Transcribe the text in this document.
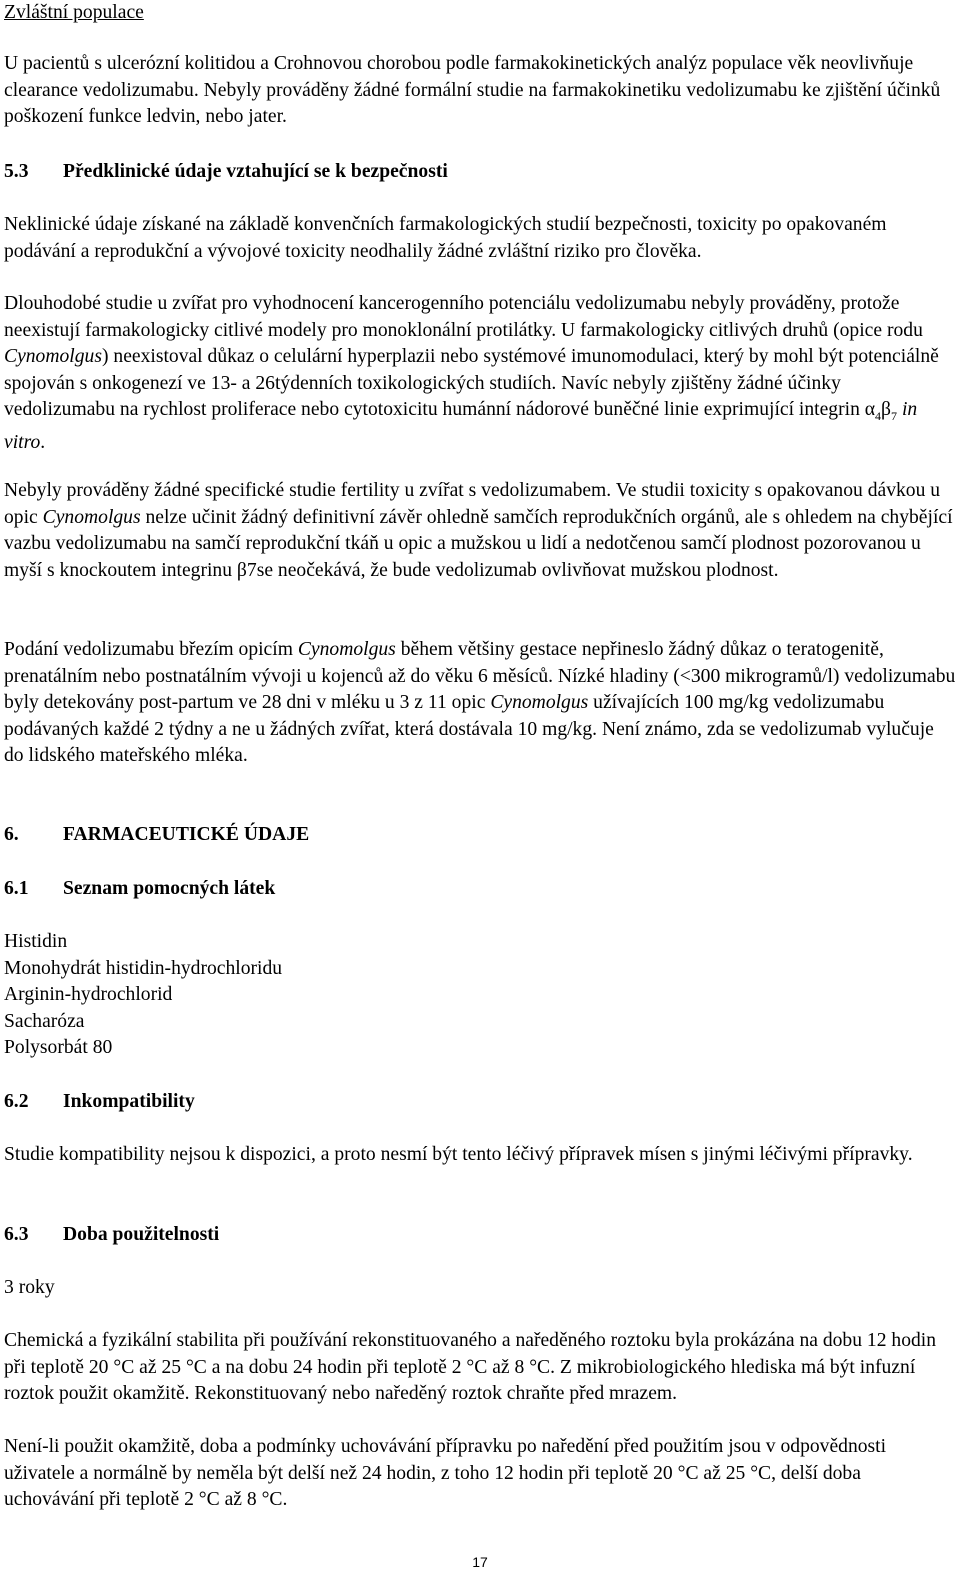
Zvláštní populace

U pacientů s ulcerózní kolitidou a Crohnovou chorobou podle farmakokinetických analýz populace věk neovlivňuje clearance vedolizumabu. Nebyly prováděny žádné formální studie na farmakokinetiku vedolizumabu ke zjištění účinků poškození funkce ledvin, nebo jater.

5.3 Předklinické údaje vztahující se k bezpečnosti

Neklinické údaje získané na základě konvenčních farmakologických studií bezpečnosti, toxicity po opakovaném podávání a reprodukční a vývojové toxicity neodhalily žádné zvláštní riziko pro člověka.

Dlouhodobé studie u zvířat pro vyhodnocení kancerogenního potenciálu vedolizumabu nebyly prováděny, protože neexistují farmakologicky citlivé modely pro monoklonální protilátky. U farmakologicky citlivých druhů (opice rodu Cynomolgus) neexistoval důkaz o celulární hyperplazii nebo systémové imunomodulaci, který by mohl být potenciálně spojován s onkogenezí ve 13- a 26týdenních toxikologických studiích. Navíc nebyly zjištěny žádné účinky vedolizumabu na rychlost proliferace nebo cytotoxicitu humánní nádorové buněčné linie exprimující integrin $\alpha_4\beta_7$ in vitro.

Nebyly prováděny žádné specifické studie fertility u zvířat s vedolizumabem. Ve studii toxicity s opakovanou dávkou u opic Cynomolgus nelze učinit žádný definitivní závěr ohledně samčích reprodukčních orgánů, ale s ohledem na chybějící vazbu vedolizumabu na samčí reprodukční tkáň u opic a mužskou u lidí a nedotčenou samčí plodnost pozorovanou u myší s knockoutem integrinu β7se neočekává, že bude vedolizumab ovlivňovat mužskou plodnost.

Podání vedolizumabu březím opicím Cynomolgus během většiny gestace nepřineslo žádný důkaz o teratogenitě, prenatálním nebo postnatálním vývoji u kojenců až do věku 6 měsíců. Nízké hladiny (<300 mikrogramů/l) vedolizumabu byly detekovány post-partum ve 28 dni v mléku u 3 z 11 opic Cynomolgus užívajících 100 mg/kg vedolizumabu podávaných každé 2 týdny a ne u žádných zvířat, která dostávala 10 mg/kg. Není známo, zda se vedolizumab vylučuje do lidského mateřského mléka.

6. FARMACEUTICKÉ ÚDAJE
6.1 Seznam pomocných látek
Histidin
Monohydrát histidin-hydrochloridu
Arginin-hydrochlorid
Sacharóza
Polysorbát 80
6.2 Inkompatibility

Studie kompatibility nejsou k dispozici, a proto nesmí být tento léčivý přípravek mísen s jinými léčivými přípravky.

6.3 Doba použitelnosti

3 roky

Chemická a fyzikální stabilita při používání rekonstituovaného a naředěného roztoku byla prokázána na dobu 12 hodin při teplotě 20 °C až 25 °C a na dobu 24 hodin při teplotě 2 °C až 8 °C. Z mikrobiologického hlediska má být infuzní roztok použit okamžitě. Rekonstituovaný nebo naředěný roztok chraňte před mrazem.

Není-li použit okamžitě, doba a podmínky uchovávání přípravku po naředění před použitím jsou v odpovědnosti uživatele a normálně by neměla být delší než 24 hodin, z toho 12 hodin při teplotě 20 °C až 25 °C, delší doba uchovávání při teplotě 2 °C až 8 °C.

17
